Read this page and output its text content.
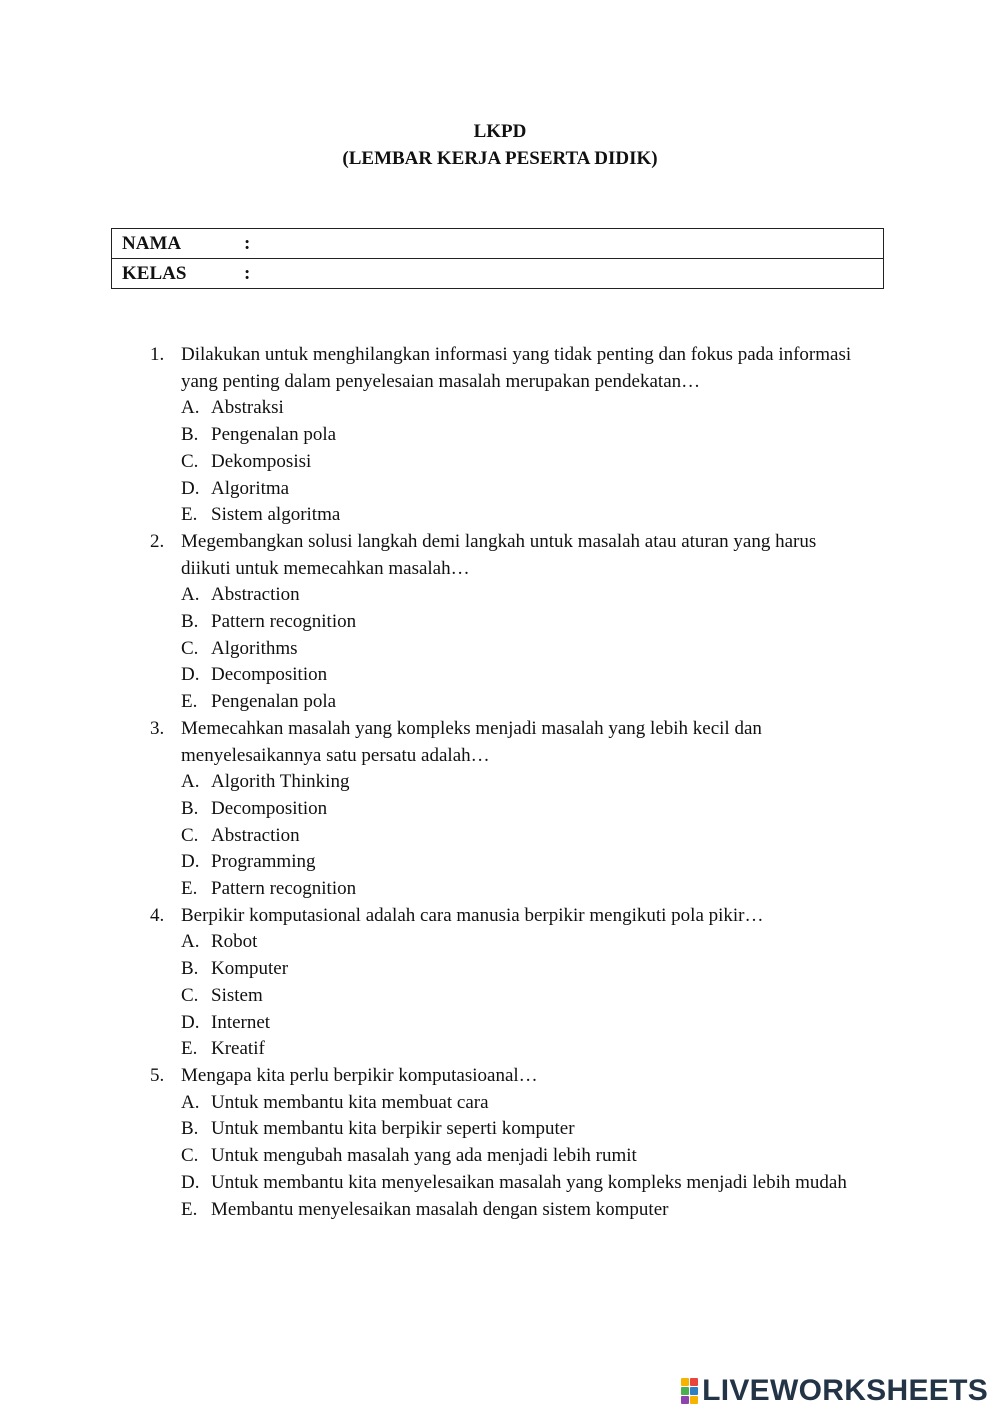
LKPD
(LEMBAR KERJA PESERTA DIDIK)
NAMA	:
KELAS	:
1. Dilakukan untuk menghilangkan informasi yang tidak penting dan fokus pada informasi yang penting dalam penyelesaian masalah merupakan pendekatan…
A. Abstraksi
B. Pengenalan pola
C. Dekomposisi
D. Algoritma
E. Sistem algoritma
2. Megembangkan solusi langkah demi langkah untuk masalah atau aturan yang harus diikuti untuk memecahkan masalah…
A. Abstraction
B. Pattern recognition
C. Algorithms
D. Decomposition
E. Pengenalan pola
3. Memecahkan masalah yang kompleks menjadi masalah yang lebih kecil dan menyelesaikannya satu persatu adalah…
A. Algorith Thinking
B. Decomposition
C. Abstraction
D. Programming
E. Pattern recognition
4. Berpikir komputasional adalah cara manusia berpikir mengikuti pola pikir…
A. Robot
B. Komputer
C. Sistem
D. Internet
E. Kreatif
5. Mengapa kita perlu berpikir komputasioanal…
A. Untuk membantu kita membuat cara
B. Untuk membantu kita berpikir seperti komputer
C. Untuk mengubah masalah yang ada menjadi lebih rumit
D. Untuk membantu kita menyelesaikan masalah yang kompleks menjadi lebih mudah
E. Membantu menyelesaikan masalah dengan sistem komputer
LIVEWORKSHEETS
